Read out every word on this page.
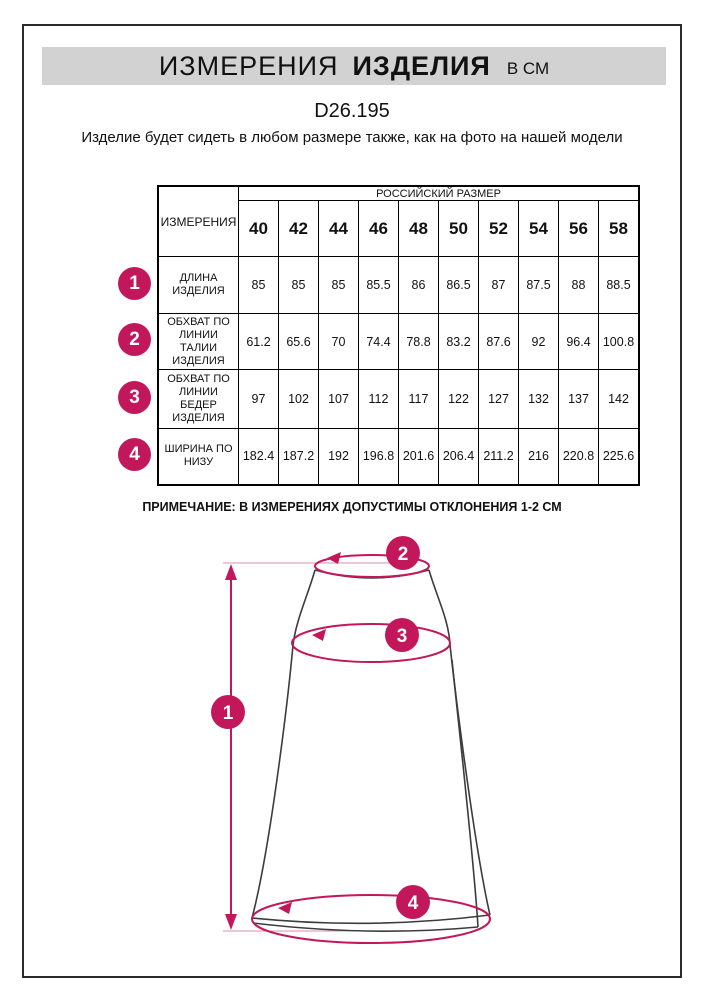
ИЗМЕРЕНИЯ ИЗДЕЛИЯ В СМ
D26.195
Изделие будет сидеть в любом размере также, как на фото на нашей модели
ИЗМЕРЕНИЯ	РОССИЙСКИЙ РАЗМЕР									
	40	42	44	46	48	50	52	54	56	58
ДЛИНА ИЗДЕЛИЯ	85	85	85	85.5	86	86.5	87	87.5	88	88.5
ОБХВАТ ПО ЛИНИИ ТАЛИИ ИЗДЕЛИЯ	61.2	65.6	70	74.4	78.8	83.2	87.6	92	96.4	100.8
ОБХВАТ ПО ЛИНИИ БЕДЕР ИЗДЕЛИЯ	97	102	107	112	117	122	127	132	137	142
ШИРИНА ПО НИЗУ	182.4	187.2	192	196.8	201.6	206.4	211.2	216	220.8	225.6
1
2
3
4
ПРИМЕЧАНИЕ: В ИЗМЕРЕНИЯХ ДОПУСТИМЫ ОТКЛОНЕНИЯ 1-2 СМ
1
2
3
4
